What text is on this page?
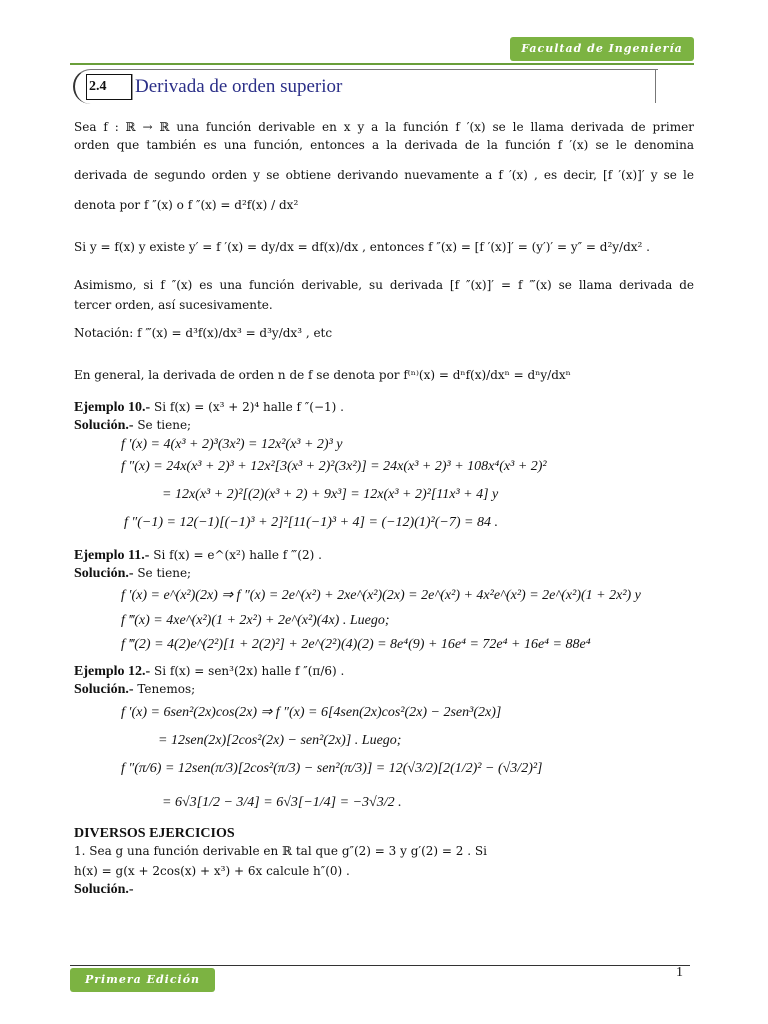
Facultad de Ingeniería
2.4	Derivada de orden superior
Sea f : ℝ → ℝ una función derivable en x y a la función f ′(x) se le llama derivada de primer
orden que también es una función, entonces a la derivada de la función f ′(x) se le denomina
derivada de segundo orden y se obtiene derivando nuevamente a f ′(x) , es decir, [f ′(x)]′ y se le
denota por f ″(x) o f ″(x) = d²f(x) / dx²
Si y = f(x) y existe y′ = f ′(x) = dy/dx = df(x)/dx , entonces f ″(x) = [f ′(x)]′ = (y′)′ = y″ = d²y/dx² .
Asimismo, si f ″(x) es una función derivable, su derivada [f ″(x)]′ = f ‴(x) se llama derivada de
tercer orden, así sucesivamente.
Notación: f ‴(x) = d³f(x)/dx³ = d³y/dx³ , etc
En general, la derivada de orden n de f se denota por f⁽ⁿ⁾(x) = dⁿf(x)/dxⁿ = dⁿy/dxⁿ
Ejemplo 10.- Si f(x) = (x³ + 2)⁴ halle f ″(−1) .
Solución.- Se tiene;
f ′(x) = 4(x³ + 2)³(3x²) = 12x²(x³ + 2)³ y
f ″(x) = 24x(x³ + 2)³ + 12x²[3(x³ + 2)²(3x²)] = 24x(x³ + 2)³ + 108x⁴(x³ + 2)²
= 12x(x³ + 2)²[(2)(x³ + 2) + 9x³] = 12x(x³ + 2)²[11x³ + 4] y
f ″(−1) = 12(−1)[(−1)³ + 2]²[11(−1)³ + 4] = (−12)(1)²(−7) = 84 .
Ejemplo 11.- Si f(x) = e^(x²) halle f ‴(2) .
Solución.- Se tiene;
f ′(x) = e^(x²)(2x) ⇒ f ″(x) = 2e^(x²) + 2xe^(x²)(2x) = 2e^(x²) + 4x²e^(x²) = 2e^(x²)(1 + 2x²) y
f ‴(x) = 4xe^(x²)(1 + 2x²) + 2e^(x²)(4x) . Luego;
f ‴(2) = 4(2)e^(2²)[1 + 2(2)²] + 2e^(2²)(4)(2) = 8e⁴(9) + 16e⁴ = 72e⁴ + 16e⁴ = 88e⁴
Ejemplo 12.- Si f(x) = sen³(2x) halle f ″(π/6) .
Solución.- Tenemos;
f ′(x) = 6sen²(2x)cos(2x) ⇒ f ″(x) = 6[4sen(2x)cos²(2x) − 2sen³(2x)]
= 12sen(2x)[2cos²(2x) − sen²(2x)] . Luego;
f ″(π/6) = 12sen(π/3)[2cos²(π/3) − sen²(π/3)] = 12(√3/2)[2(1/2)² − (√3/2)²]
= 6√3[1/2 − 3/4] = 6√3[−1/4] = −3√3/2 .
DIVERSOS EJERCICIOS
1. Sea g una función derivable en ℝ tal que g″(2) = 3 y g′(2) = 2 . Si
h(x) = g(x + 2cos(x) + x³) + 6x calcule h″(0) .
Solución.-
Primera Edición	1
